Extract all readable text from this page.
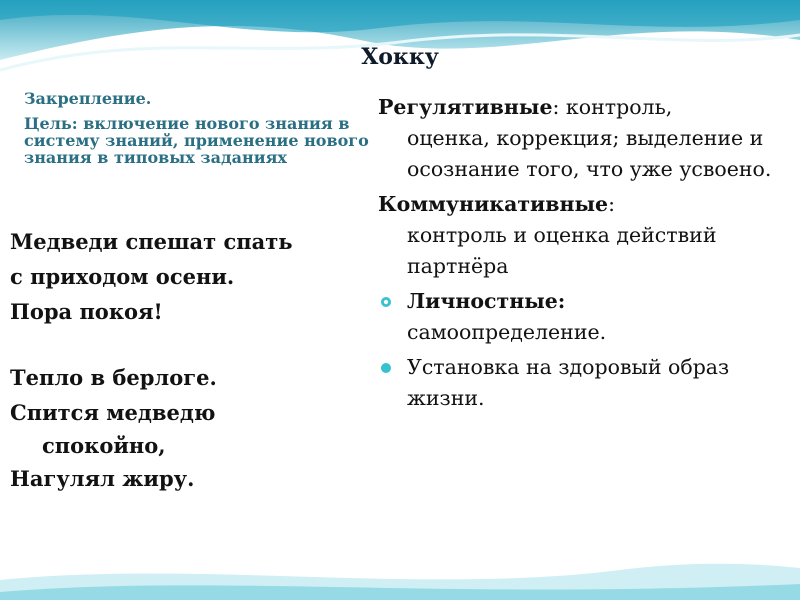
Хокку
Закрепление.
Цель: включение нового знания в систему знаний, применение нового знания в типовых заданиях
Медведи спешат спать
с приходом осени.
Пора покоя!
Тепло в берлоге.
Спится медведю
спокойно,
Нагулял жиру.
Регулятивные: контроль,
оценка, коррекция; выделение и осознание того, что уже усвоено.
Коммуникативные:
контроль и оценка действий партнёра
Личностные:
самоопределение.
Установка на здоровый образ жизни.
